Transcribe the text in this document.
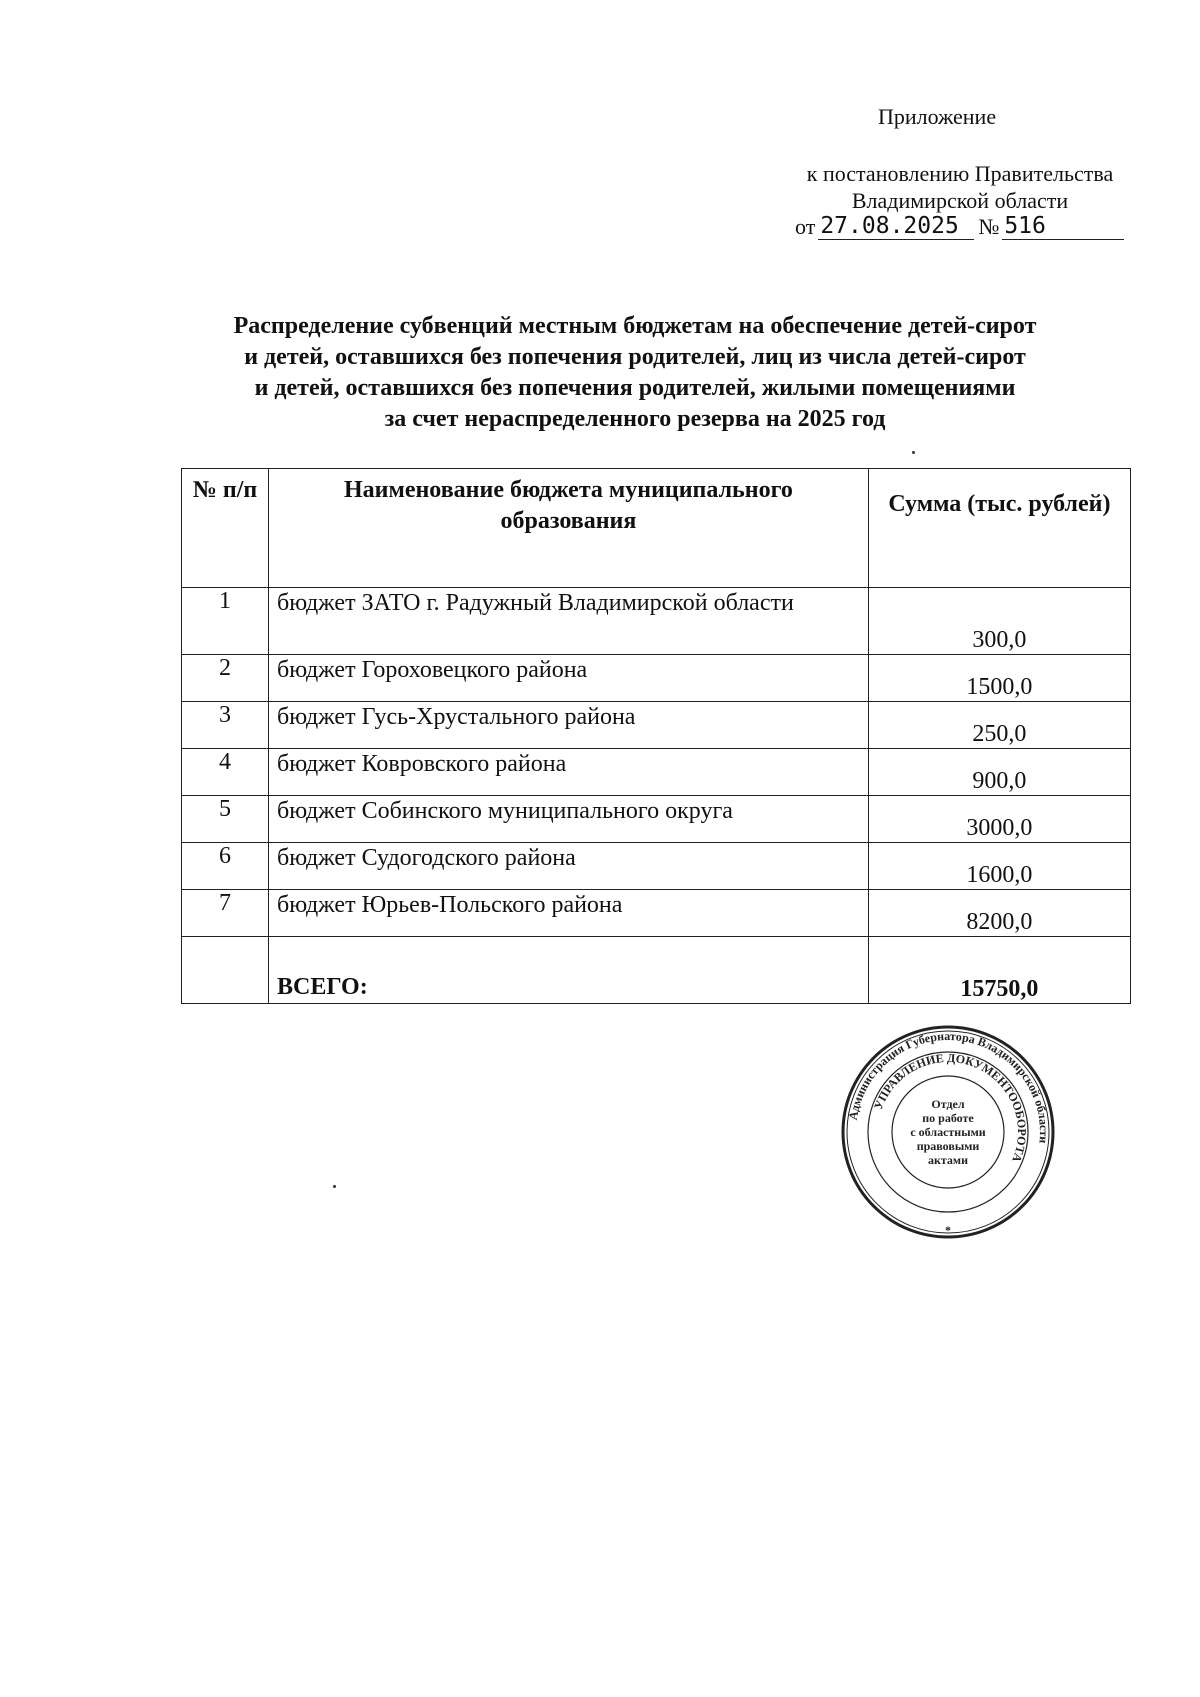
Приложение
к постановлению Правительства
Владимирской области
от 27.08.2025 № 516
Распределение субвенций местным бюджетам на обеспечение детей-сирот
и детей, оставшихся без попечения родителей, лиц из числа детей-сирот
и детей, оставшихся без попечения родителей, жилыми помещениями
за счет нераспределенного резерва на 2025 год
№ п/п	Наименование бюджета муниципального образования	Сумма (тыс. рублей)
1	бюджет ЗАТО г. Радужный Владимирской области	300,0
2	бюджет Гороховецкого района	1500,0
3	бюджет Гусь-Хрустального района	250,0
4	бюджет Ковровского района	900,0
5	бюджет Собинского муниципального округа	3000,0
6	бюджет Судогодского района	1600,0
7	бюджет Юрьев-Польского района	8200,0
	ВСЕГО:	15750,0
Администрация Губернатора Владимирской области
УПРАВЛЕНИЕ ДОКУМЕНТООБОРОТА
Отдел
по работе
с областными
правовыми
актами
*
